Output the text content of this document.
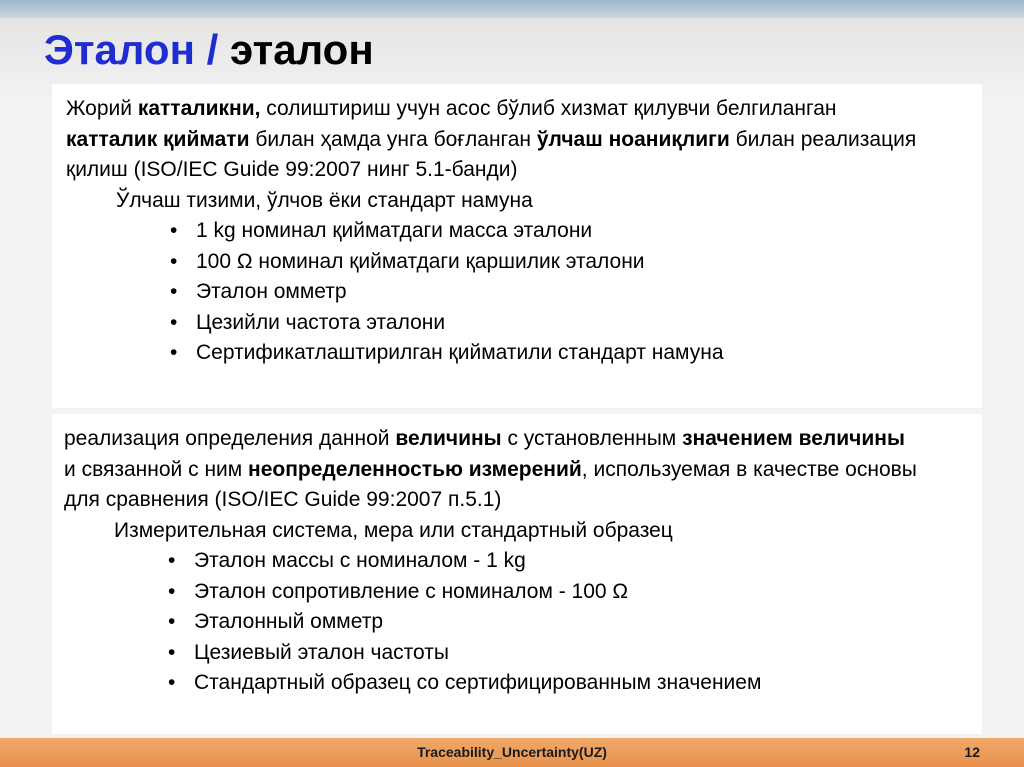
Эталон / эталон

Жорий катталикни, солиштириш учун асос бўлиб хизмат қилувчи белгиланган катталик қиймати билан ҳамда унга боғланган ўлчаш ноаниқлиги билан реализация қилиш (ISO/IEC Guide 99:2007 нинг 5.1-банди)

Ўлчаш тизими, ўлчов ёки стандарт намуна

• 1 kg номинал қийматдаги масса эталони
• 100 Ω номинал қийматдаги қаршилик эталони
• Эталон омметр
• Цезийли частота эталони
• Сертификатлаштирилган қийматили стандарт намуна

реализация определения данной величины с установленным значением величины и связанной с ним неопределенностью измерений, используемая в качестве основы для сравнения (ISO/IEC Guide 99:2007 п.5.1)

Измерительная система, мера или стандартный образец

• Эталон массы с номиналом - 1 kg
• Эталон сопротивление с номиналом - 100 Ω
• Эталонный омметр
• Цезиевый эталон частоты
• Стандартный образец со сертифицированным значением
Traceability_Uncertainty(UZ)	12
